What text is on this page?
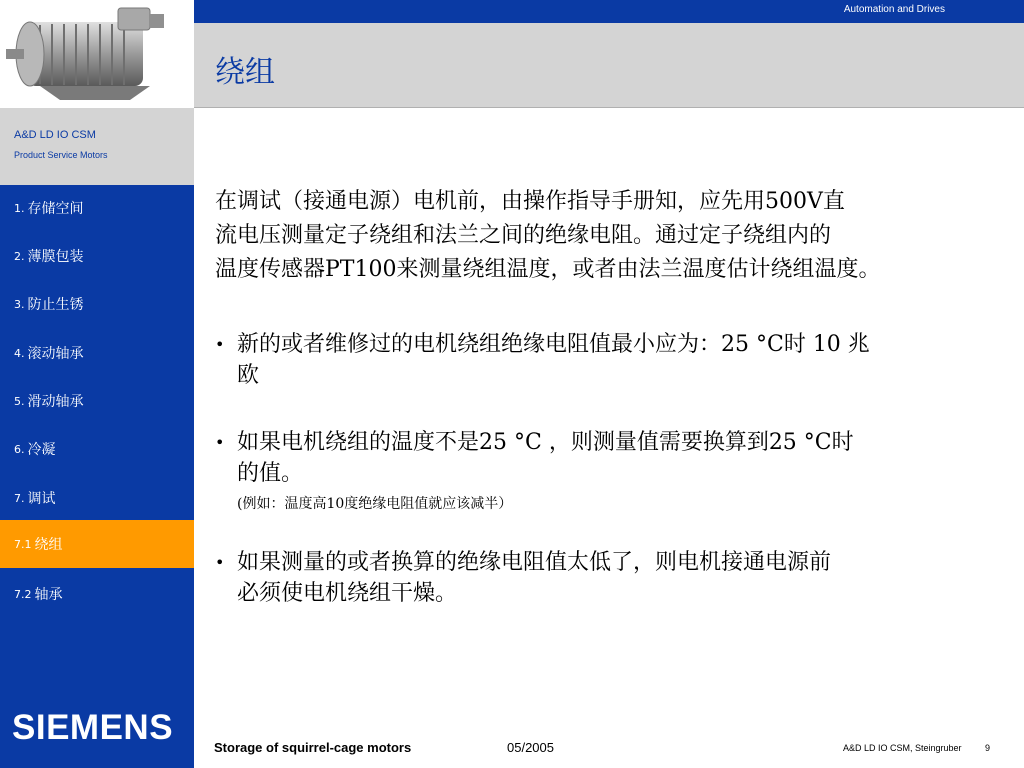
A&D LD IO CSM
Product Service Motors
1. 存储空间
2. 薄膜包装
3. 防止生锈
4. 滚动轴承
5. 滑动轴承
6. 冷凝
7. 调试
7.1 绕组
7.2 轴承
SIEMENS
Automation and Drives
绕组
在调试（接通电源）电机前，由操作指导手册知，应先用500V直
流电压测量定子绕组和法兰之间的绝缘电阻。通过定子绕组内的
温度传感器PT100来测量绕组温度，或者由法兰温度估计绕组温度。
• 新的或者维修过的电机绕组绝缘电阻值最小应为：25 °C时 10 兆
欧
• 如果电机绕组的温度不是25 °C ，则测量值需要换算到25 °C时
的值。
(例如：温度高10度绝缘电阻值就应该减半）
• 如果测量的或者换算的绝缘电阻值太低了，则电机接通电源前
必须使电机绕组干燥。
Storage of squirrel-cage motors	05/2005	A&D LD IO CSM, Steingruber	9
